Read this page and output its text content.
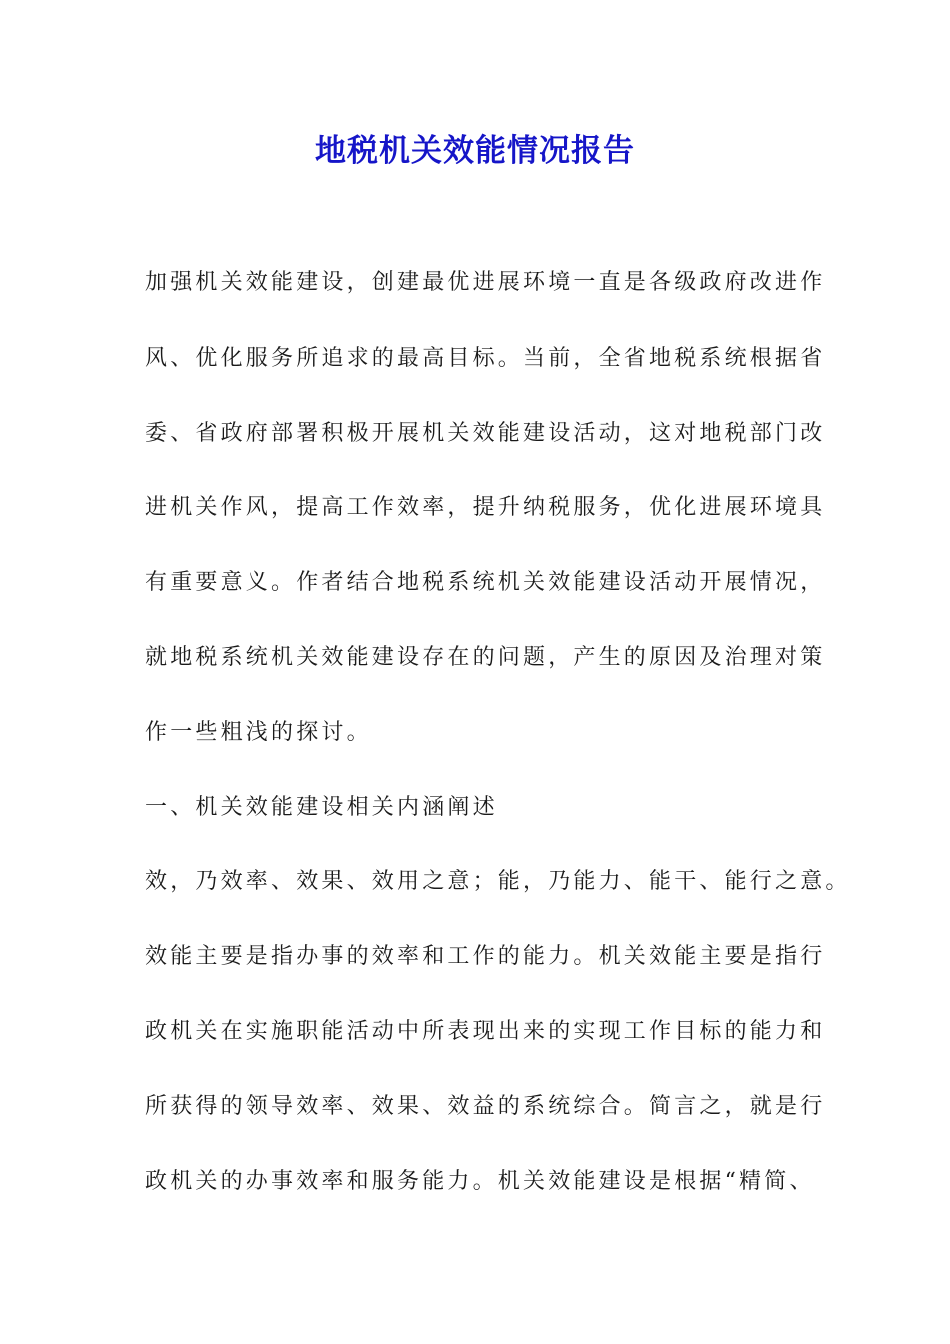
地税机关效能情况报告

加强机关效能建设，创建最优进展环境一直是各级政府改进作

风、优化服务所追求的最高目标。当前，全省地税系统根据省

委、省政府部署积极开展机关效能建设活动，这对地税部门改

进机关作风，提高工作效率，提升纳税服务，优化进展环境具

有重要意义。作者结合地税系统机关效能建设活动开展情况，

就地税系统机关效能建设存在的问题，产生的原因及治理对策

作一些粗浅的探讨。

一、机关效能建设相关内涵阐述

效，乃效率、效果、效用之意；能，乃能力、能干、能行之意。

效能主要是指办事的效率和工作的能力。机关效能主要是指行

政机关在实施职能活动中所表现出来的实现工作目标的能力和

所获得的领导效率、效果、效益的系统综合。简言之，就是行

政机关的办事效率和服务能力。机关效能建设是根据“精简、
